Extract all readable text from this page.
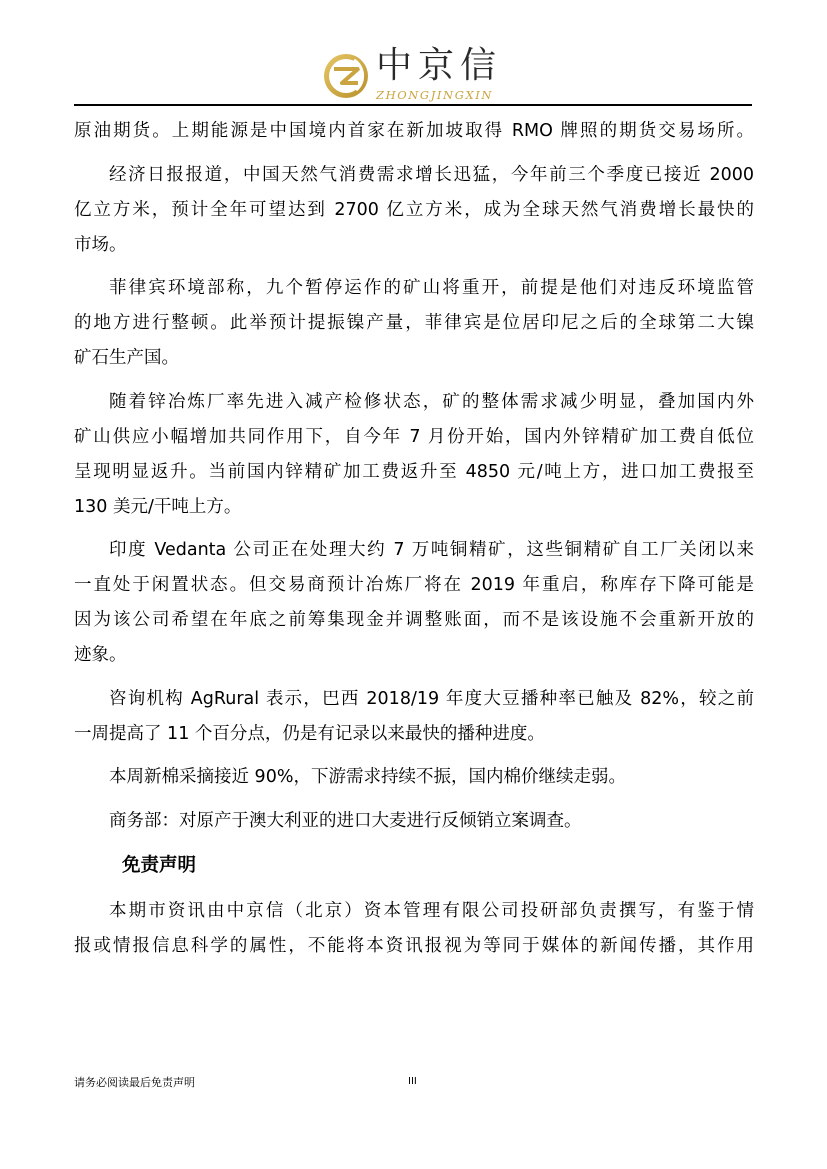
中京信
ZHONGJINGXIN
原油期货。上期能源是中国境内首家在新加坡取得 RMO 牌照的期货交易场所。
经济日报报道，中国天然气消费需求增长迅猛，今年前三个季度已接近 2000
亿立方米，预计全年可望达到 2700 亿立方米，成为全球天然气消费增长最快的
市场。
菲律宾环境部称，九个暂停运作的矿山将重开，前提是他们对违反环境监管
的地方进行整顿。此举预计提振镍产量，菲律宾是位居印尼之后的全球第二大镍
矿石生产国。
随着锌冶炼厂率先进入减产检修状态，矿的整体需求减少明显，叠加国内外
矿山供应小幅增加共同作用下，自今年 7 月份开始，国内外锌精矿加工费自低位
呈现明显返升。当前国内锌精矿加工费返升至 4850 元/吨上方，进口加工费报至
130 美元/干吨上方。
印度 Vedanta 公司正在处理大约 7 万吨铜精矿，这些铜精矿自工厂关闭以来
一直处于闲置状态。但交易商预计冶炼厂将在 2019 年重启，称库存下降可能是
因为该公司希望在年底之前筹集现金并调整账面，而不是该设施不会重新开放的
迹象。
咨询机构 AgRural 表示，巴西 2018/19 年度大豆播种率已触及 82%，较之前
一周提高了 11 个百分点，仍是有记录以来最快的播种进度。
本周新棉采摘接近 90%，下游需求持续不振，国内棉价继续走弱。
商务部：对原产于澳大利亚的进口大麦进行反倾销立案调查。
免责声明
本期市资讯由中京信（北京）资本管理有限公司投研部负责撰写，有鉴于情
报或情报信息科学的属性，不能将本资讯报视为等同于媒体的新闻传播，其作用
请务必阅读最后免责声明	III
